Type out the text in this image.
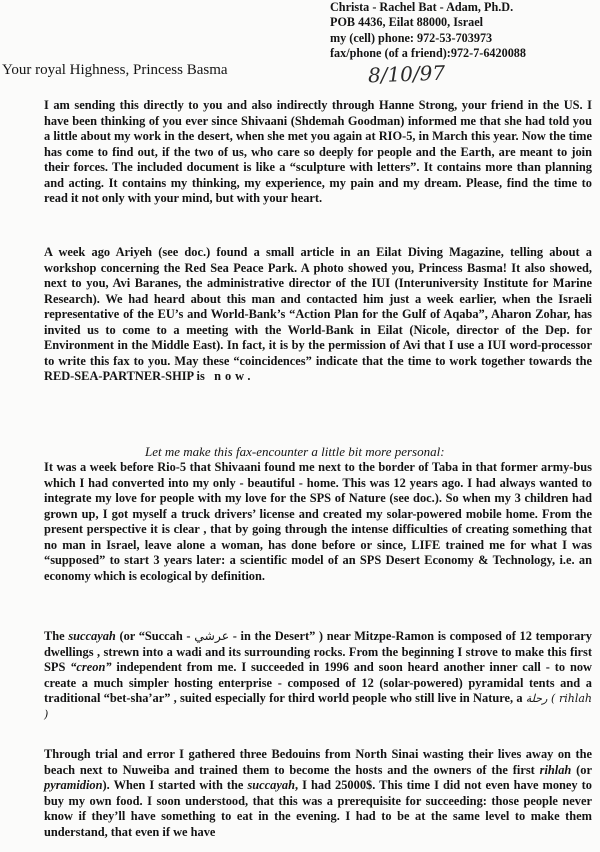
Christa - Rachel Bat - Adam, Ph.D.
POB 4436, Eilat 88000, Israel
my (cell) phone: 972-53-703973
fax/phone (of a friend):972-7-6420088
Your royal Highness, Princess Basma	8/10/97

I am sending this directly to you and also indirectly through Hanne Strong, your friend in the US. I have been thinking of you ever since Shivaani (Shdemah Goodman) informed me that she had told you a little about my work in the desert, when she met you again at RIO-5, in March this year. Now the time has come to find out, if the two of us, who care so deeply for people and the Earth, are meant to join their forces. The included document is like a “sculpture with letters”. It contains more than planning and acting. It contains my thinking, my experience, my pain and my dream. Please, find the time to read it not only with your mind, but with your heart.

A week ago Ariyeh (see doc.) found a small article in an Eilat Diving Magazine, telling about a workshop concerning the Red Sea Peace Park. A photo showed you, Princess Basma! It also showed, next to you, Avi Baranes, the administrative director of the IUI (Interuniversity Institute for Marine Research). We had heard about this man and contacted him just a week earlier, when the Israeli representative of the EU’s and World-Bank’s “Action Plan for the Gulf of Aqaba”, Aharon Zohar, has invited us to come to a meeting with the World-Bank in Eilat (Nicole, director of the Dep. for Environment in the Middle East). In fact, it is by the permission of Avi that I use a IUI word-processor to write this fax to you. May these “coincidences” indicate that the time to work together towards the RED-SEA-PARTNER-SHIP is now.

Let me make this fax-encounter a little bit more personal:

It was a week before Rio-5 that Shivaani found me next to the border of Taba in that former army-bus which I had converted into my only - beautiful - home. This was 12 years ago. I had always wanted to integrate my love for people with my love for the SPS of Nature (see doc.). So when my 3 children had grown up, I got myself a truck drivers’ license and created my solar-powered mobile home. From the present perspective it is clear , that by going through the intense difficulties of creating something that no man in Israel, leave alone a woman, has done before or since, LIFE trained me for what I was “supposed” to start 3 years later: a scientific model of an SPS Desert Economy & Technology, i.e. an economy which is ecological by definition.

The succayah (or “Succah - عرشي - in the Desert” ) near Mitzpe-Ramon is composed of 12 temporary dwellings , strewn into a wadi and its surrounding rocks. From the beginning I strove to make this first SPS “creon” independent from me. I succeeded in 1996 and soon heard another inner call - to now create a much simpler hosting enterprise - composed of 12 (solar-powered) pyramidal tents and a traditional “bet-sha’ar” , suited especially for third world people who still live in Nature, a رحلة ( rihlah )

Through trial and error I gathered three Bedouins from North Sinai wasting their lives away on the beach next to Nuweiba and trained them to become the hosts and the owners of the first rihlah (or pyramidion). When I started with the succayah, I had 25000$. This time I did not even have money to buy my own food. I soon understood, that this was a prerequisite for succeeding: those people never know if they’ll have something to eat in the evening. I had to be at the same level to make them understand, that even if we have
